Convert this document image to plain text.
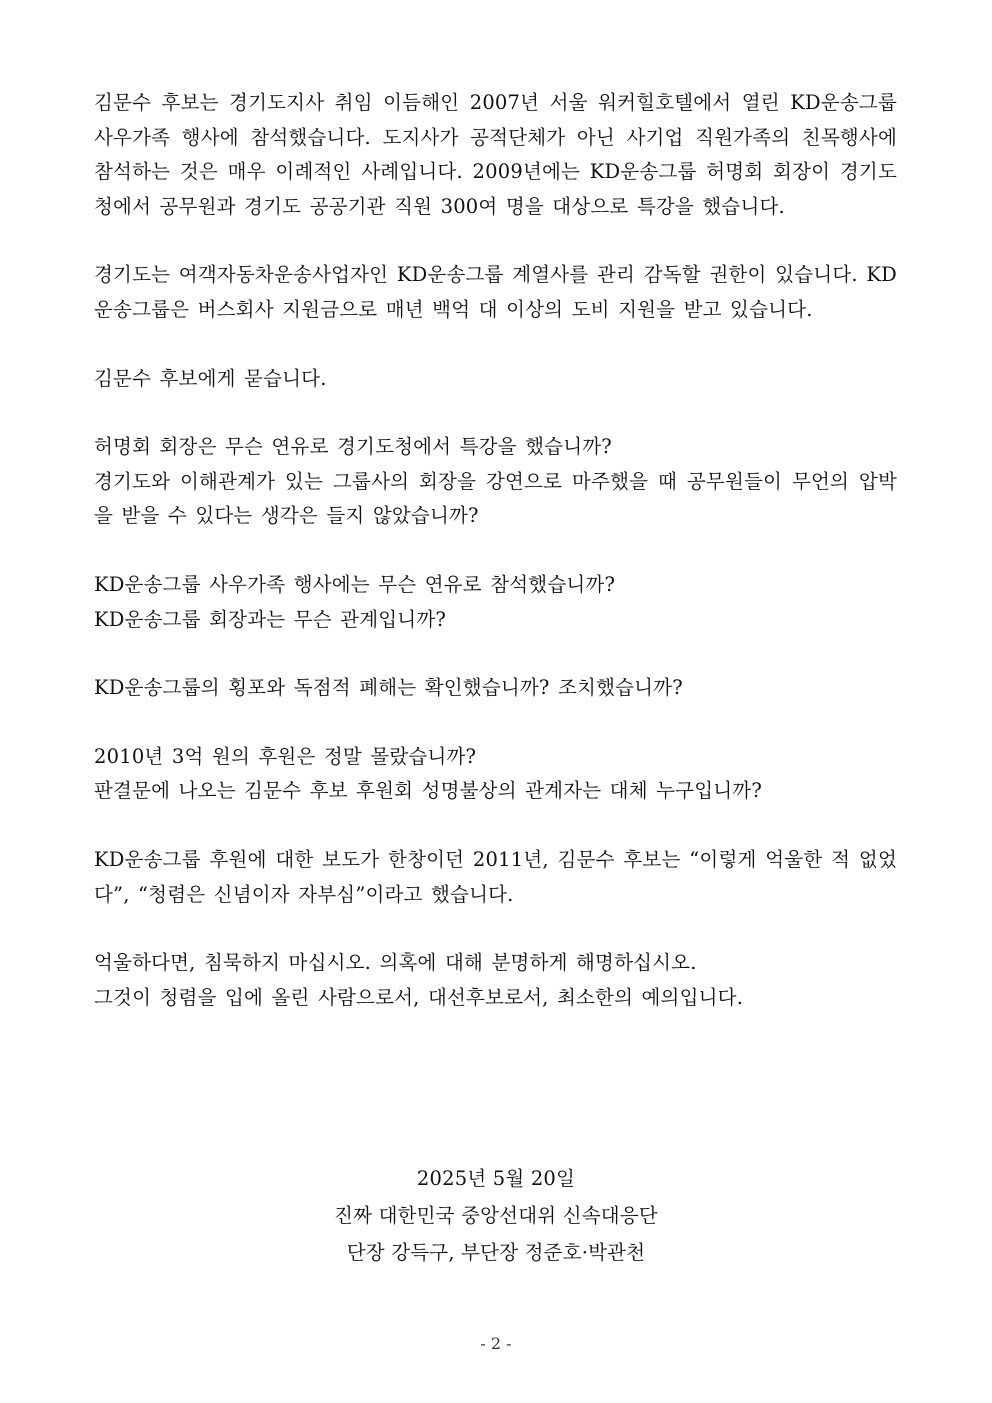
김문수 후보는 경기도지사 취임 이듬해인 2007년 서울 워커힐호텔에서 열린 KD운송그룹 사우가족 행사에 참석했습니다. 도지사가 공적단체가 아닌 사기업 직원가족의 친목행사에 참석하는 것은 매우 이례적인 사례입니다. 2009년에는 KD운송그룹 허명회 회장이 경기도청에서 공무원과 경기도 공공기관 직원 300여 명을 대상으로 특강을 했습니다.

경기도는 여객자동차운송사업자인 KD운송그룹 계열사를 관리 감독할 권한이 있습니다. KD운송그룹은 버스회사 지원금으로 매년 백억 대 이상의 도비 지원을 받고 있습니다.

김문수 후보에게 묻습니다.

허명회 회장은 무슨 연유로 경기도청에서 특강을 했습니까?
경기도와 이해관계가 있는 그룹사의 회장을 강연으로 마주했을 때 공무원들이 무언의 압박을 받을 수 있다는 생각은 들지 않았습니까?

KD운송그룹 사우가족 행사에는 무슨 연유로 참석했습니까?
KD운송그룹 회장과는 무슨 관계입니까?

KD운송그룹의 횡포와 독점적 폐해는 확인했습니까? 조치했습니까?

2010년 3억 원의 후원은 정말 몰랐습니까?
판결문에 나오는 김문수 후보 후원회 성명불상의 관계자는 대체 누구입니까?

KD운송그룹 후원에 대한 보도가 한창이던 2011년, 김문수 후보는 “이렇게 억울한 적 없었다”, “청렴은 신념이자 자부심”이라고 했습니다.

억울하다면, 침묵하지 마십시오. 의혹에 대해 분명하게 해명하십시오.
그것이 청렴을 입에 올린 사람으로서, 대선후보로서, 최소한의 예의입니다.

2025년 5월 20일
진짜 대한민국 중앙선대위 신속대응단
단장 강득구, 부단장 정준호·박관천
- 2 -
